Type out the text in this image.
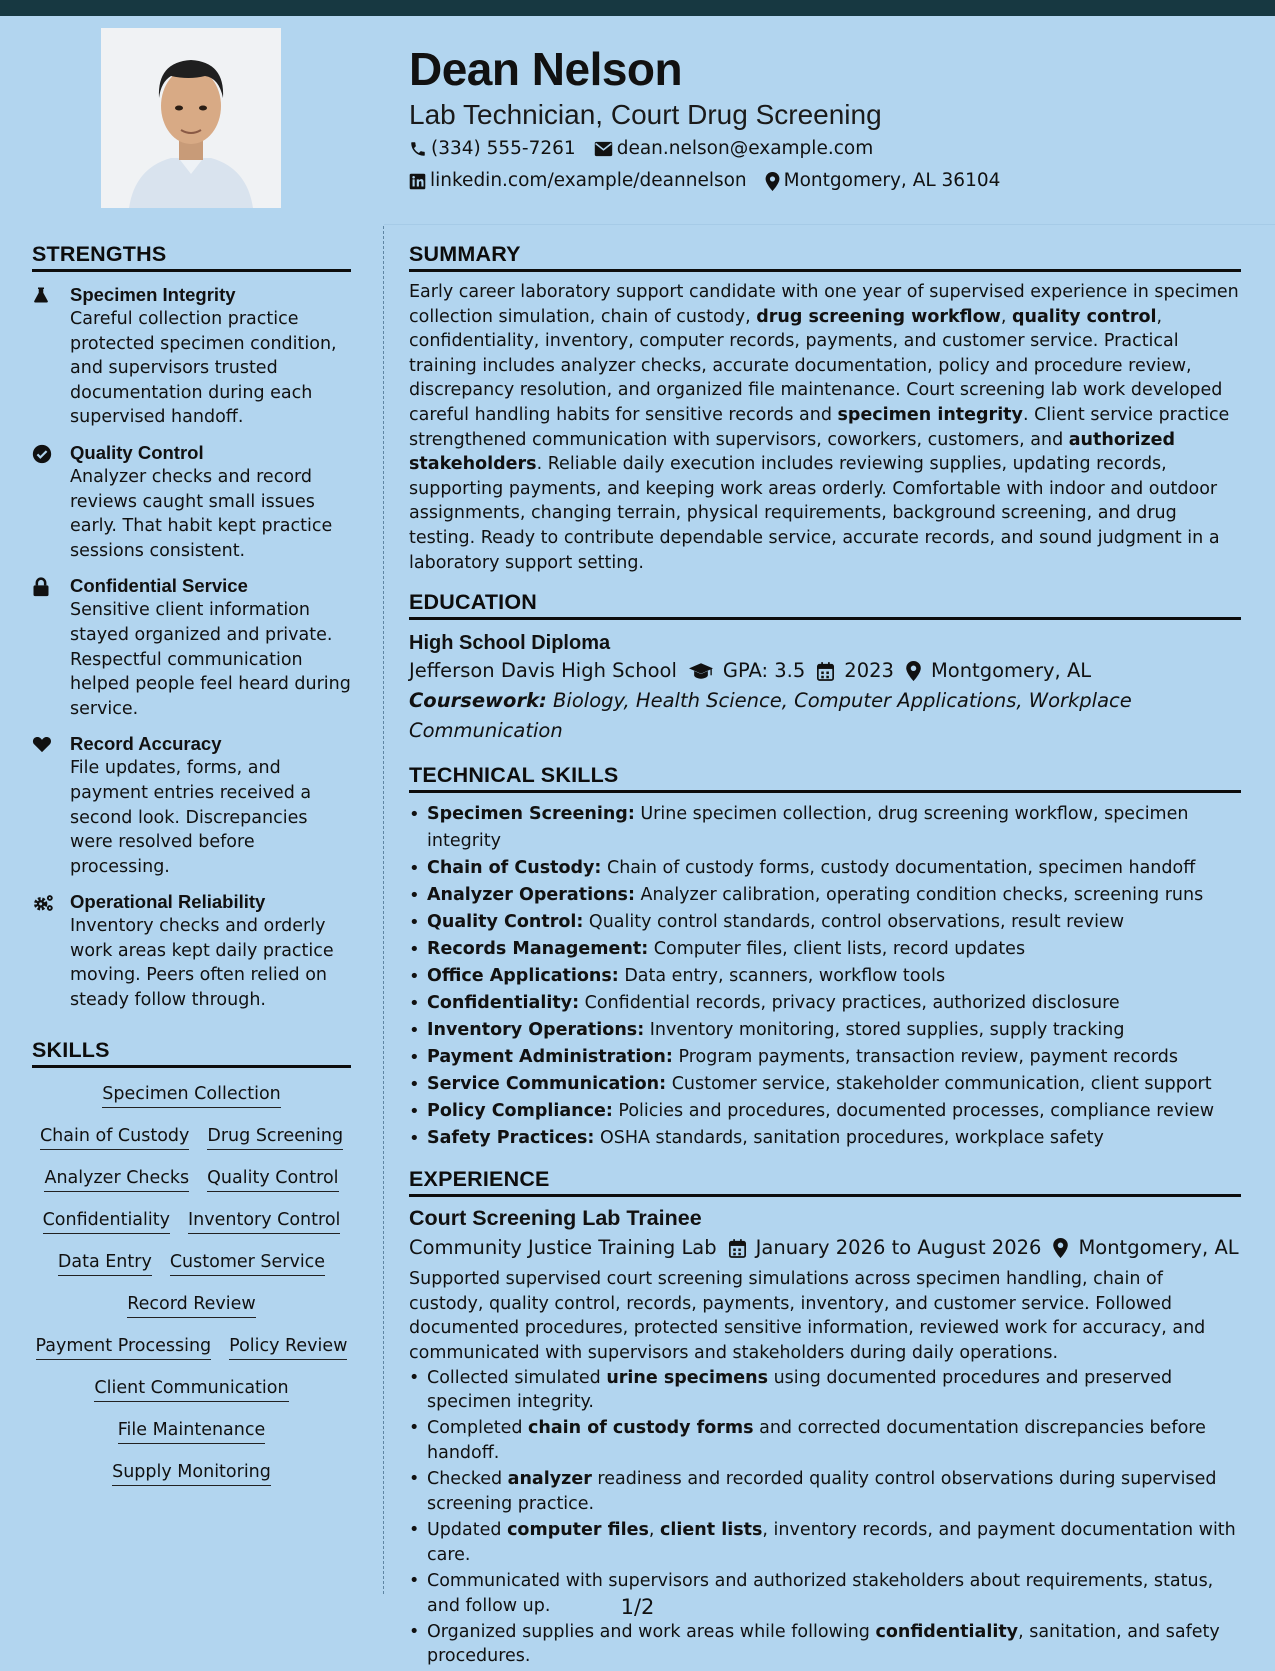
Dean Nelson
Lab Technician, Court Drug Screening
(334) 555-7261 dean.nelson@example.com
linkedin.com/example/deannelson Montgomery, AL 36104
STRENGTHS
Specimen Integrity
Careful collection practice protected specimen condition, and supervisors trusted documentation during each supervised handoff.
Quality Control
Analyzer checks and record reviews caught small issues early. That habit kept practice sessions consistent.
Confidential Service
Sensitive client information stayed organized and private. Respectful communication helped people feel heard during service.
Record Accuracy
File updates, forms, and payment entries received a second look. Discrepancies were resolved before processing.
Operational Reliability
Inventory checks and orderly work areas kept daily practice moving. Peers often relied on steady follow through.
SKILLS
Specimen Collection
Chain of Custody Drug Screening
Analyzer Checks Quality Control
Confidentiality Inventory Control
Data Entry Customer Service
Record Review
Payment Processing Policy Review
Client Communication
File Maintenance
Supply Monitoring
SUMMARY
Early career laboratory support candidate with one year of supervised experience in specimen collection simulation, chain of custody, drug screening workflow, quality control, confidentiality, inventory, computer records, payments, and customer service. Practical training includes analyzer checks, accurate documentation, policy and procedure review, discrepancy resolution, and organized file maintenance. Court screening lab work developed careful handling habits for sensitive records and specimen integrity. Client service practice strengthened communication with supervisors, coworkers, customers, and authorized stakeholders. Reliable daily execution includes reviewing supplies, updating records, supporting payments, and keeping work areas orderly. Comfortable with indoor and outdoor assignments, changing terrain, physical requirements, background screening, and drug testing. Ready to contribute dependable service, accurate records, and sound judgment in a laboratory support setting.
EDUCATION
High School Diploma
Jefferson Davis High School GPA: 3.5 2023 Montgomery, AL
Coursework: Biology, Health Science, Computer Applications, Workplace Communication
TECHNICAL SKILLS
• Specimen Screening: Urine specimen collection, drug screening workflow, specimen integrity
• Chain of Custody: Chain of custody forms, custody documentation, specimen handoff
• Analyzer Operations: Analyzer calibration, operating condition checks, screening runs
• Quality Control: Quality control standards, control observations, result review
• Records Management: Computer files, client lists, record updates
• Office Applications: Data entry, scanners, workflow tools
• Confidentiality: Confidential records, privacy practices, authorized disclosure
• Inventory Operations: Inventory monitoring, stored supplies, supply tracking
• Payment Administration: Program payments, transaction review, payment records
• Service Communication: Customer service, stakeholder communication, client support
• Policy Compliance: Policies and procedures, documented processes, compliance review
• Safety Practices: OSHA standards, sanitation procedures, workplace safety
EXPERIENCE
Court Screening Lab Trainee
Community Justice Training Lab January 2026 to August 2026 Montgomery, AL
Supported supervised court screening simulations across specimen handling, chain of custody, quality control, records, payments, inventory, and customer service. Followed documented procedures, protected sensitive information, reviewed work for accuracy, and communicated with supervisors and stakeholders during daily operations.
• Collected simulated urine specimens using documented procedures and preserved specimen integrity.
• Completed chain of custody forms and corrected documentation discrepancies before handoff.
• Checked analyzer readiness and recorded quality control observations during supervised screening practice.
• Updated computer files, client lists, inventory records, and payment documentation with care.
• Communicated with supervisors and authorized stakeholders about requirements, status, and follow up.
• Organized supplies and work areas while following confidentiality, sanitation, and safety procedures.
1/2
